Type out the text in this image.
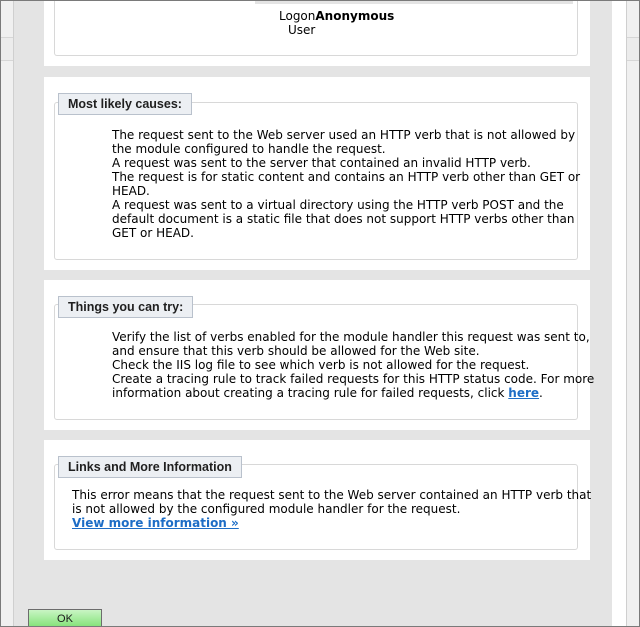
LogonAnonymous
User
Most likely causes:
The request sent to the Web server used an HTTP verb that is not allowed by
the module configured to handle the request.
A request was sent to the server that contained an invalid HTTP verb.
The request is for static content and contains an HTTP verb other than GET or
HEAD.
A request was sent to a virtual directory using the HTTP verb POST and the
default document is a static file that does not support HTTP verbs other than
GET or HEAD.
Things you can try:
Verify the list of verbs enabled for the module handler this request was sent to,
and ensure that this verb should be allowed for the Web site.
Check the IIS log file to see which verb is not allowed for the request.
Create a tracing rule to track failed requests for this HTTP status code. For more
information about creating a tracing rule for failed requests, click here.
Links and More Information
This error means that the request sent to the Web server contained an HTTP verb that
is not allowed by the configured module handler for the request.
View more information »
OK
